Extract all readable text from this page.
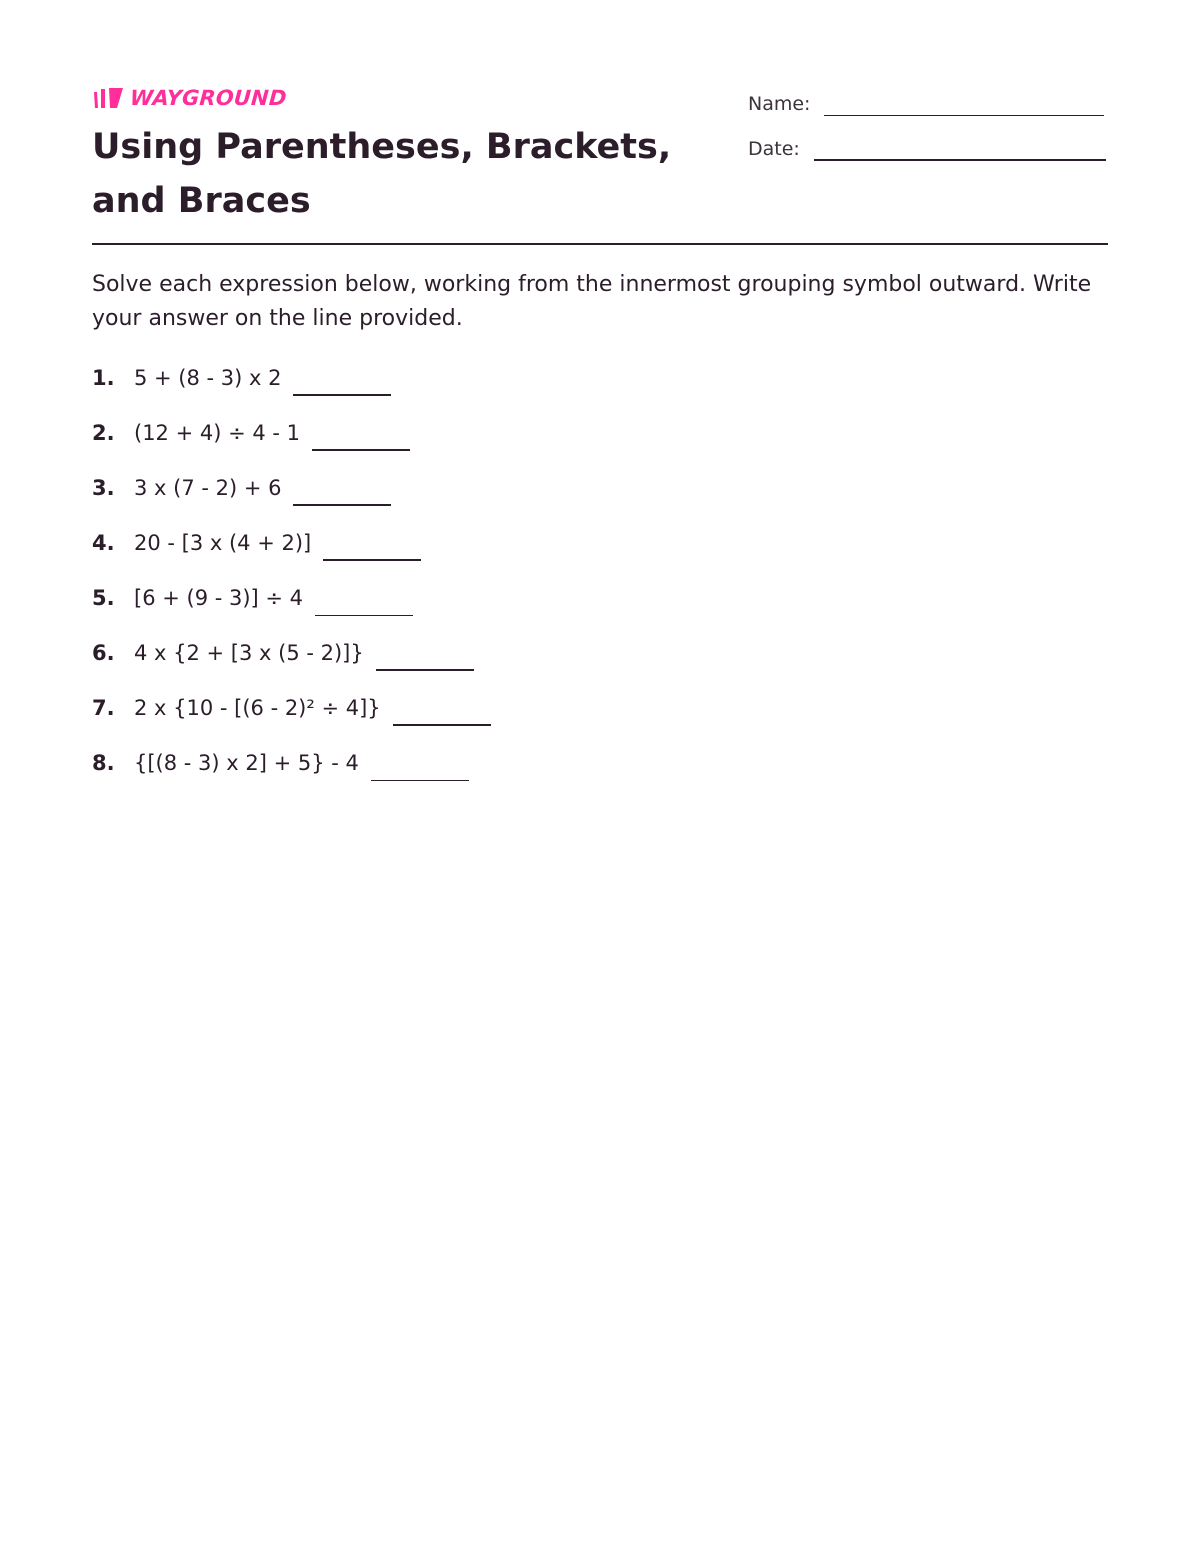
WAYGROUND
Using Parentheses, Brackets, and Braces
Name:
Date:

Solve each expression below, working from the innermost grouping symbol outward. Write your answer on the line provided.

1. 5 + (8 - 3) x 2
2. (12 + 4) ÷ 4 - 1
3. 3 x (7 - 2) + 6
4. 20 - [3 x (4 + 2)]
5. [6 + (9 - 3)] ÷ 4
6. 4 x {2 + [3 x (5 - 2)]}
7. 2 x {10 - [(6 - 2)² ÷ 4]}
8. {[(8 - 3) x 2] + 5} - 4
